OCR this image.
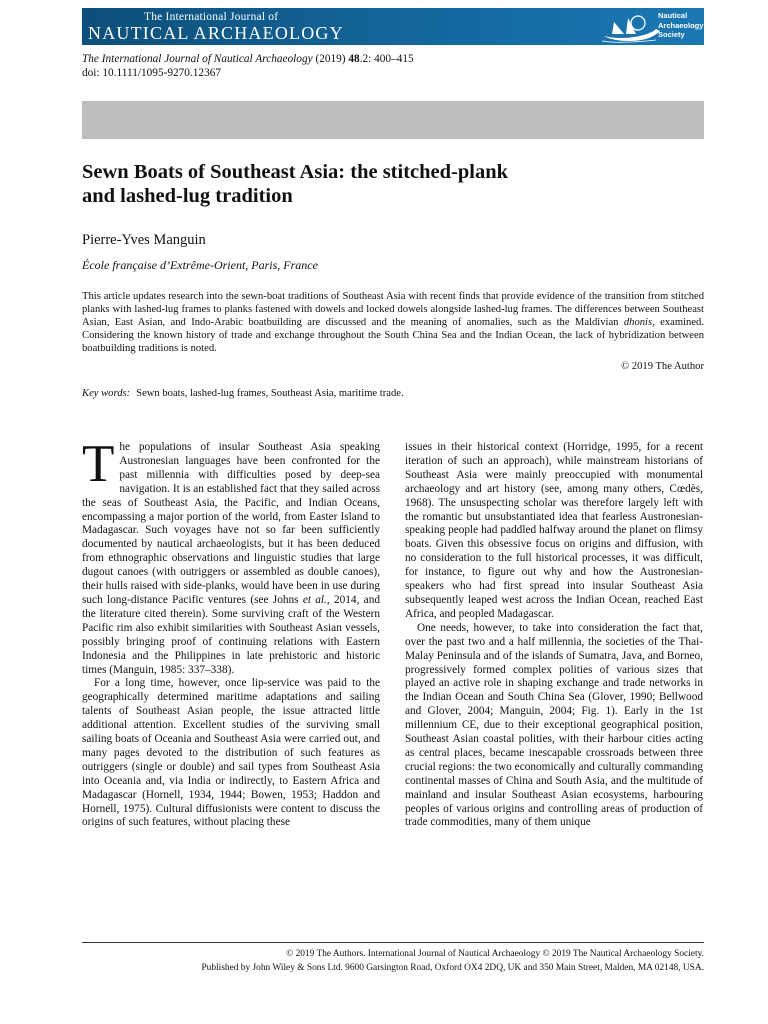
The International Journal of
NAUTICAL ARCHAEOLOGY
Nautical
Archaeology
Society
The International Journal of Nautical Archaeology (2019) 48.2: 400–415
doi: 10.1111/1095-9270.12367
Sewn Boats of Southeast Asia: the stitched-plank
and lashed-lug tradition
Pierre-Yves Manguin
École française d’Extrême-Orient, Paris, France

This article updates research into the sewn-boat traditions of Southeast Asia with recent finds that provide evidence of the transition from stitched planks with lashed-lug frames to planks fastened with dowels and locked dowels alongside lashed-lug frames. The differences between Southeast Asian, East Asian, and Indo-Arabic boatbuilding are discussed and the meaning of anomalies, such as the Maldivian dhonis, examined. Considering the known history of trade and exchange throughout the South China Sea and the Indian Ocean, the lack of hybridization between boatbuilding traditions is noted.

© 2019 The Author
Key words: Sewn boats, lashed-lug frames, Southeast Asia, maritime trade.

The populations of insular Southeast Asia speaking Austronesian languages have been confronted for the past millennia with difficulties posed by deep-sea navigation. It is an established fact that they sailed across the seas of Southeast Asia, the Pacific, and Indian Oceans, encompassing a major portion of the world, from Easter Island to Madagascar. Such voyages have not so far been sufficiently documented by nautical archaeologists, but it has been deduced from ethnographic observations and linguistic studies that large dugout canoes (with outriggers or assembled as double canoes), their hulls raised with side-planks, would have been in use during such long-distance Pacific ventures (see Johns et al., 2014, and the literature cited therein). Some surviving craft of the Western Pacific rim also exhibit similarities with Southeast Asian vessels, possibly bringing proof of continuing relations with Eastern Indonesia and the Philippines in late prehistoric and historic times (Manguin, 1985: 337–338).

For a long time, however, once lip-service was paid to the geographically determined maritime adaptations and sailing talents of Southeast Asian people, the issue attracted little additional attention. Excellent studies of the surviving small sailing boats of Oceania and Southeast Asia were carried out, and many pages devoted to the distribution of such features as outriggers (single or double) and sail types from Southeast Asia into Oceania and, via India or indirectly, to Eastern Africa and Madagascar (Hornell, 1934, 1944; Bowen, 1953; Haddon and Hornell, 1975). Cultural diffusionists were content to discuss the origins of such features, without placing these

issues in their historical context (Horridge, 1995, for a recent iteration of such an approach), while mainstream historians of Southeast Asia were mainly preoccupied with monumental archaeology and art history (see, among many others, Cœdès, 1968). The unsuspecting scholar was therefore largely left with the romantic but unsubstantiated idea that fearless Austronesian-speaking people had paddled halfway around the planet on flimsy boats. Given this obsessive focus on origins and diffusion, with no consideration to the full historical processes, it was difficult, for instance, to figure out why and how the Austronesian-speakers who had first spread into insular Southeast Asia subsequently leaped west across the Indian Ocean, reached East Africa, and peopled Madagascar.

One needs, however, to take into consideration the fact that, over the past two and a half millennia, the societies of the Thai-Malay Peninsula and of the islands of Sumatra, Java, and Borneo, progressively formed complex polities of various sizes that played an active role in shaping exchange and trade networks in the Indian Ocean and South China Sea (Glover, 1990; Bellwood and Glover, 2004; Manguin, 2004; Fig. 1). Early in the 1st millennium CE, due to their exceptional geographical position, Southeast Asian coastal polities, with their harbour cities acting as central places, became inescapable crossroads between three crucial regions: the two economically and culturally commanding continental masses of China and South Asia, and the multitude of mainland and insular Southeast Asian ecosystems, harbouring peoples of various origins and controlling areas of production of trade commodities, many of them unique

© 2019 The Authors. International Journal of Nautical Archaeology © 2019 The Nautical Archaeology Society.
Published by John Wiley & Sons Ltd. 9600 Garsington Road, Oxford OX4 2DQ, UK and 350 Main Street, Malden, MA 02148, USA.
